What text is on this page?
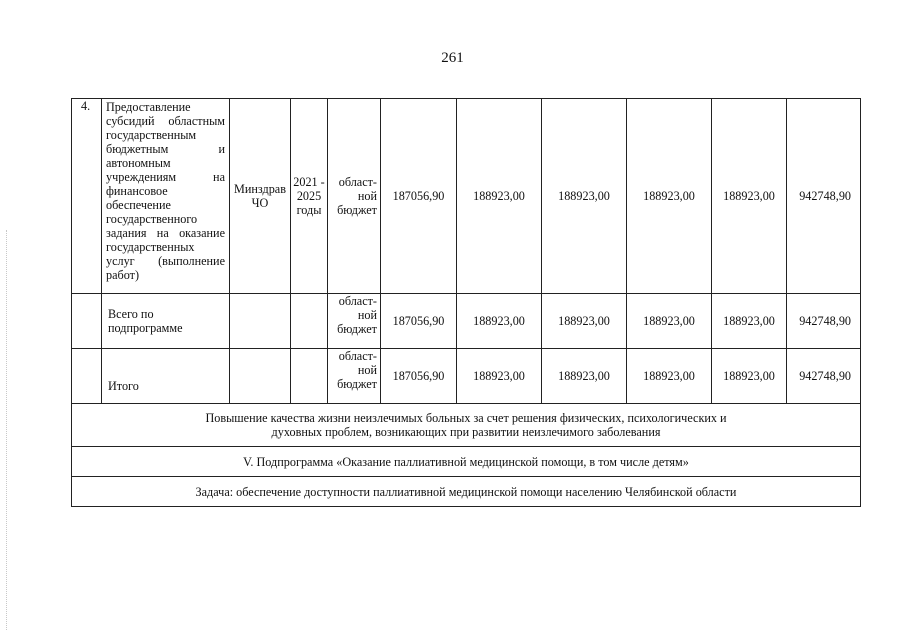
261
4.	Предоставление субсидий областным государственным бюджетным и автономным учреждениям на финансовое обеспечение государственного задания на оказание государственных услуг (выполнение работ)	Минздрав ЧО	2021 - 2025 годы	област-ной бюджет	187056,90	188923,00	188923,00	188923,00	188923,00	942748,90
	Всего по подпрограмме			област-ной бюджет	187056,90	188923,00	188923,00	188923,00	188923,00	942748,90
	Итого			област-ной бюджет	187056,90	188923,00	188923,00	188923,00	188923,00	942748,90
Повышение качества жизни неизлечимых больных за счет решения физических, психологических и духовных проблем, возникающих при развитии неизлечимого заболевания										
V. Подпрограмма «Оказание паллиативной медицинской помощи, в том числе детям»										
Задача: обеспечение доступности паллиативной медицинской помощи населению Челябинской области										
